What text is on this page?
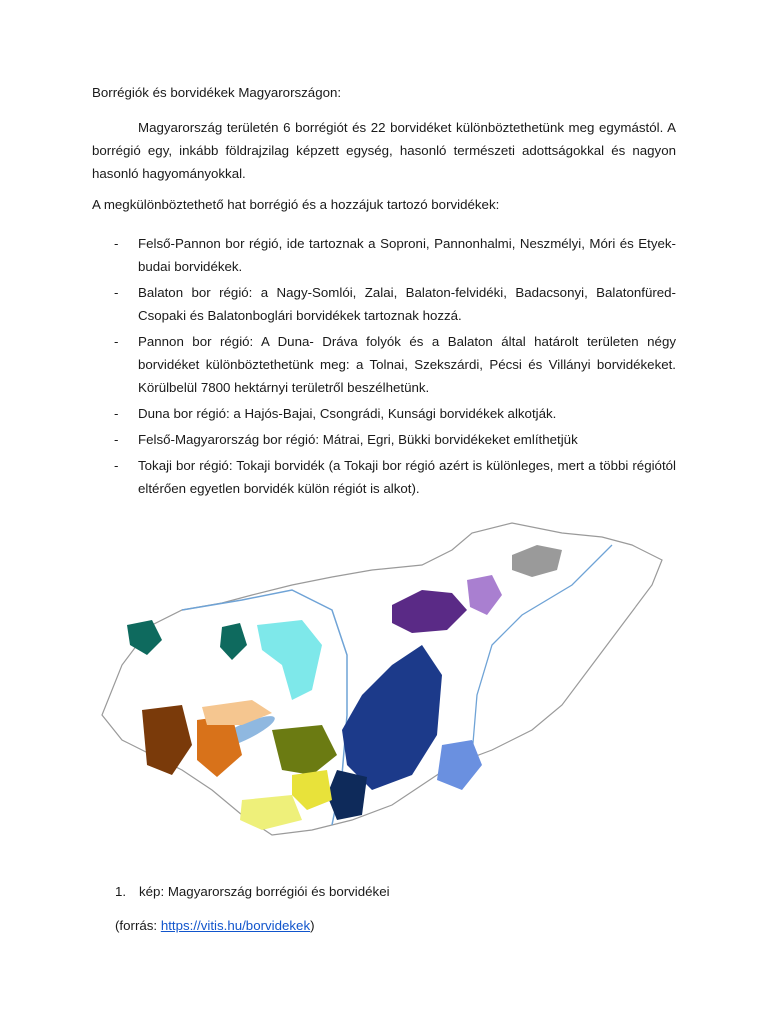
Borrégiók és borvidékek Magyarországon:
Magyarország területén 6 borrégiót és 22 borvidéket különböztethetünk meg egymástól. A borrégió egy, inkább földrajzilag képzett egység, hasonló természeti adottságokkal és nagyon hasonló hagyományokkal.
A megkülönböztethető hat borrégió és a hozzájuk tartozó borvidékek:
- Felső-Pannon bor régió, ide tartoznak a Soproni, Pannonhalmi, Neszmélyi, Móri és Etyek-budai borvidékek.
- Balaton bor régió: a Nagy-Somlói, Zalai, Balaton-felvidéki, Badacsonyi, Balatonfüred-Csopaki és Balatonboglári borvidékek tartoznak hozzá.
- Pannon bor régió: A Duna- Dráva folyók és a Balaton által határolt területen négy borvidéket különböztethetünk meg: a Tolnai, Szekszárdi, Pécsi és Villányi borvidékeket. Körülbelül 7800 hektárnyi területről beszélhetünk.
- Duna bor régió: a Hajós-Bajai, Csongrádi, Kunsági borvidékek alkotják.
- Felső-Magyarország bor régió: Mátrai, Egri, Bükki borvidékeket említhetjük
- Tokaji bor régió: Tokaji borvidék (a Tokaji bor régió azért is különleges, mert a többi régiótól eltérően egyetlen borvidék külön régiót is alkot).
1. kép: Magyarország borrégiói és borvidékei
(forrás: https://vitis.hu/borvidekek)
